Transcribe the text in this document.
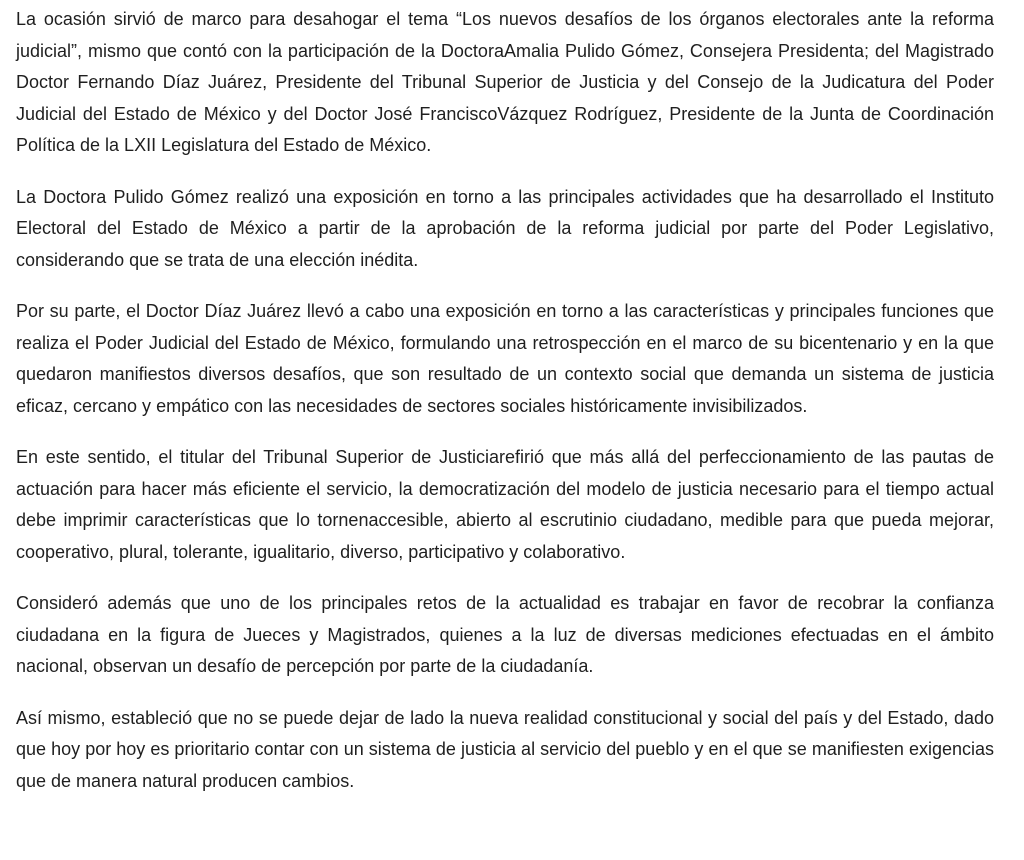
La ocasión sirvió de marco para desahogar el tema “Los nuevos desafíos de los órganos electorales ante la reforma judicial”, mismo que contó con la participación de la DoctoraAmalia Pulido Gómez, Consejera Presidenta; del Magistrado Doctor Fernando Díaz Juárez, Presidente del Tribunal Superior de Justicia y del Consejo de la Judicatura del Poder Judicial del Estado de México y del Doctor José FranciscoVázquez Rodríguez, Presidente de la Junta de Coordinación Política de la LXII Legislatura del Estado de México.

La Doctora Pulido Gómez realizó una exposición en torno a las principales actividades que ha desarrollado el Instituto Electoral del Estado de México a partir de la aprobación de la reforma judicial por parte del Poder Legislativo, considerando que se trata de una elección inédita.

Por su parte, el Doctor Díaz Juárez llevó a cabo una exposición en torno a las características y principales funciones que realiza el Poder Judicial del Estado de México, formulando una retrospección en el marco de su bicentenario y en la que quedaron manifiestos diversos desafíos, que son resultado de un contexto social que demanda un sistema de justicia eficaz, cercano y empático con las necesidades de sectores sociales históricamente invisibilizados.

En este sentido, el titular del Tribunal Superior de Justiciarefirió que más allá del perfeccionamiento de las pautas de actuación para hacer más eficiente el servicio, la democratización del modelo de justicia necesario para el tiempo actual debe imprimir características que lo tornenaccesible, abierto al escrutinio ciudadano, medible para que pueda mejorar, cooperativo, plural, tolerante, igualitario, diverso, participativo y colaborativo.

Consideró además que uno de los principales retos de la actualidad es trabajar en favor de recobrar la confianza ciudadana en la figura de Jueces y Magistrados, quienes a la luz de diversas mediciones efectuadas en el ámbito nacional, observan un desafío de percepción por parte de la ciudadanía.

Así mismo, estableció que no se puede dejar de lado la nueva realidad constitucional y social del país y del Estado, dado que hoy por hoy es prioritario contar con un sistema de justicia al servicio del pueblo y en el que se manifiesten exigencias que de manera natural producen cambios.
